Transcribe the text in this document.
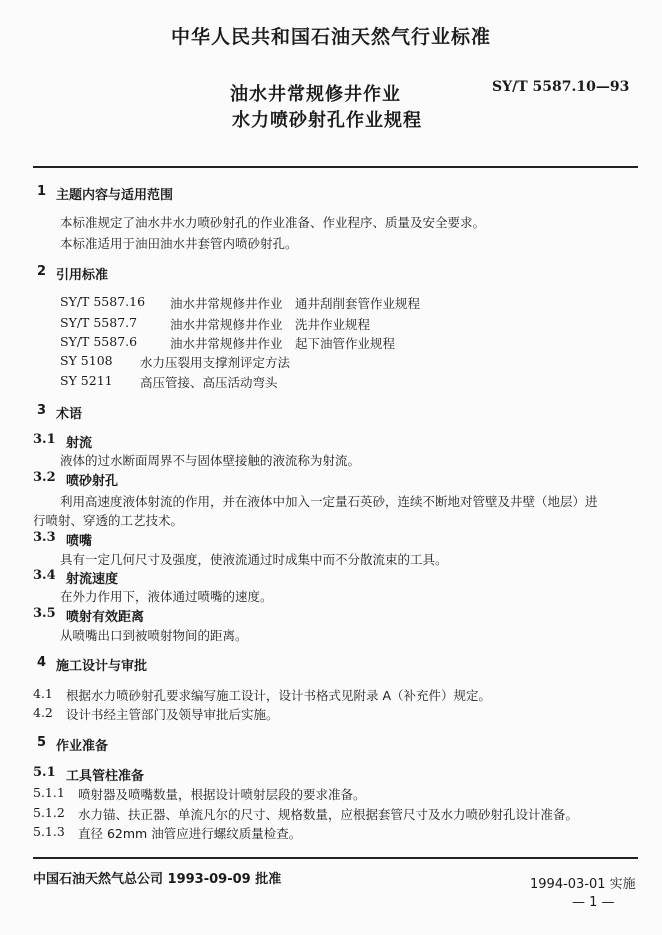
中华人民共和国石油天然气行业标准
油水井常规修井作业
水力喷砂射孔作业规程
SY/T 5587.10—93
1 主题内容与适用范围
本标准规定了油水井水力喷砂射孔的作业准备、作业程序、质量及安全要求。
本标准适用于油田油水井套管内喷砂射孔。
2 引用标准
SY/T 5587.16 油水井常规修井作业　通井刮削套管作业规程
SY/T 5587.7	油水井常规修井作业　洗井作业规程
SY/T 5587.6	油水井常规修井作业　起下油管作业规程
SY 5108 水力压裂用支撑剂评定方法
SY 5211 高压管接、高压活动弯头
3 术语
3.1 射流
液体的过水断面周界不与固体壁接触的液流称为射流。
3.2 喷砂射孔
利用高速度液体射流的作用，并在液体中加入一定量石英砂，连续不断地对管壁及井壁（地层）进
行喷射、穿透的工艺技术。
3.3 喷嘴
具有一定几何尺寸及强度，使液流通过时成集中而不分散流束的工具。
3.4 射流速度
在外力作用下，液体通过喷嘴的速度。
3.5 喷射有效距离
从喷嘴出口到被喷射物间的距离。
4 施工设计与审批
4.1 根据水力喷砂射孔要求编写施工设计，设计书格式见附录 A（补充件）规定。
4.2 设计书经主管部门及领导审批后实施。
5 作业准备
5.1 工具管柱准备
5.1.1 喷射器及喷嘴数量，根据设计喷射层段的要求准备。
5.1.2 水力锚、扶正器、单流凡尔的尺寸、规格数量，应根据套管尺寸及水力喷砂射孔设计准备。
5.1.3 直径 62mm 油管应进行螺纹质量检查。
中国石油天然气总公司 1993-09-09 批准	1994-03-01 实施
— 1 —
